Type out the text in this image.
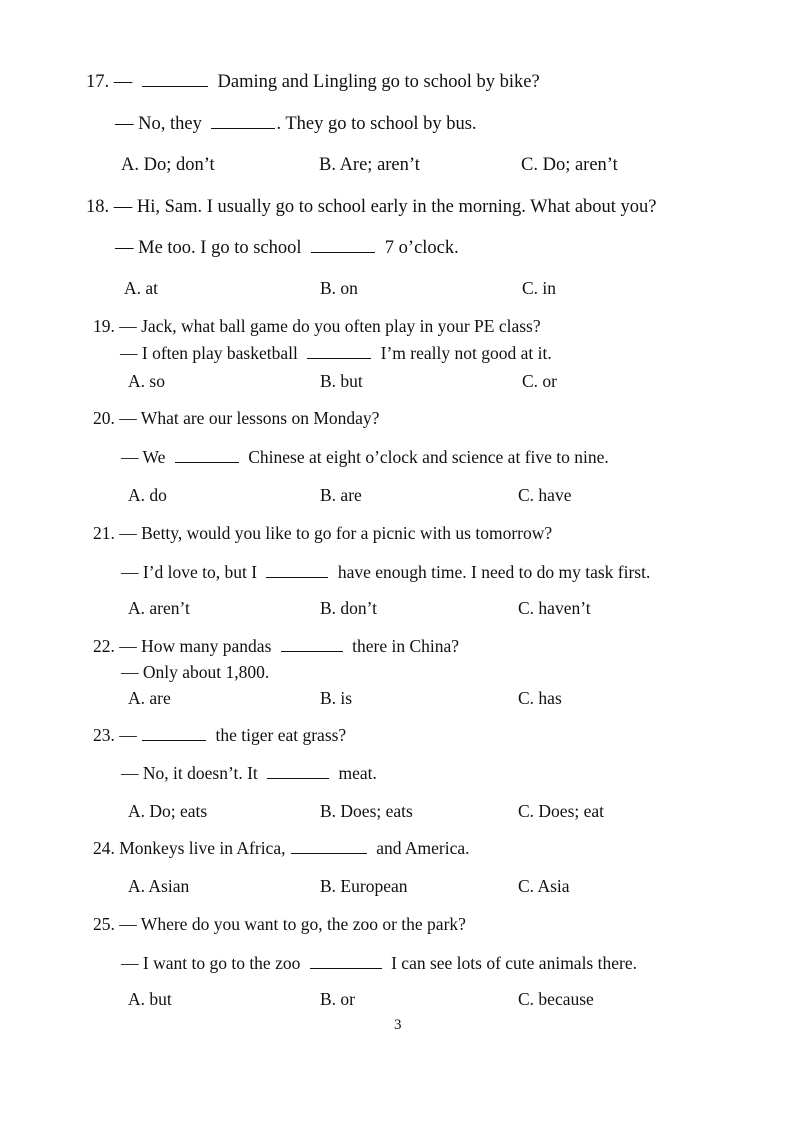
17. —	Daming and Lingling go to school by bike?
— No, they	. They go to school by bus.
A. Do; don’t	B. Are; aren’t	C. Do; aren’t
18. — Hi, Sam. I usually go to school early in the morning. What about you?
— Me too. I go to school	7 o’clock.
A. at	B. on	C. in
19. — Jack, what ball game do you often play in your PE class?
— I often play basketball	I’m really not good at it.
A. so	B. but	C. or
20. — What are our lessons on Monday?
— We	Chinese at eight o’clock and science at five to nine.
A. do	B. are	C. have
21. — Betty, would you like to go for a picnic with us tomorrow?
— I’d love to, but I	have enough time. I need to do my task first.
A. aren’t	B. don’t	C. haven’t
22. — How many pandas	there in China?
— Only about 1,800.
A. are	B. is	C. has
23. —	the tiger eat grass?
— No, it doesn’t. It	meat.
A. Do; eats	B. Does; eats	C. Does; eat
24. Monkeys live in Africa,	and America.
A. Asian	B. European	C. Asia
25. — Where do you want to go, the zoo or the park?
— I want to go to the zoo	I can see lots of cute animals there.
A. but	B. or	C. because
3
